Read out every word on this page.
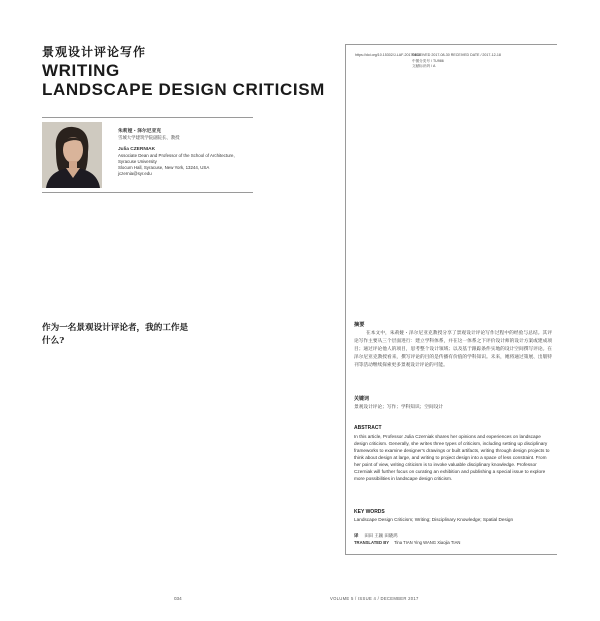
景观设计评论写作
WRITING
LANDSCAPE DESIGN CRITICISM
朱莉娅・泽尔尼亚克
雪城大学建筑学院副院长、教授
Julia CZERNIAK
Associate Dean and Professor of the School of Architecture,
Syracuse University
Slocum Hall, Syracuse, New York, 13244, USA
jczernia@syr.edu
作为一名景观设计评论者，我的工作是什么?
https://doi.org/10.15302/J-LAF-20170404
RECEIVED 2017-08-30 RECEIVED DATE / 2017-12-18
中图分类号 / TU986
文献标识码 / A
摘要
在本文中，朱莉娅・泽尔尼亚克教授分享了景观设计评论写作过程中的经验与总结。其评论写作主要从三个层面进行：建立学科体系，并在这一体系之下评价设计师的设计方案或建成项目；通过评论他人的项目，思考整个设计领域；以及基于跟踪条件实地的设计空间撰写评论。在泽尔尼亚克教授看来，撰写评论的目的是传播有价值的学科知识。未来，她将通过策展、出版特刊等活动继续探索更多景观设计评论的可能。
关键词
景观设计评论；写作；学科知识；空间设计
ABSTRACT
In this article, Professor Julia Czerniak shares her opinions and experiences on landscape design criticism. Generally, she writes three types of criticism, including setting up disciplinary frameworks to examine designer's drawings or built artifacts, writing through design projects to think about design at large, and writing to project design into a space of less constraint. From her point of view, writing criticism is to invoke valuable disciplinary knowledge. Professor Czerniak will further focus on curating an exhibition and publishing a special issue to explore more possibilities in landscape design criticism.
KEY WORDS
Landscape Design Criticism; Writing; Disciplinary Knowledge; Spatial Design
译 田田 王颖 田晓鸿
TRANSLATED BY Tina TIAN Ying WANG Xiaojia TIAN
034	VOLUME 5 / ISSUE 4 / DECEMBER 2017
